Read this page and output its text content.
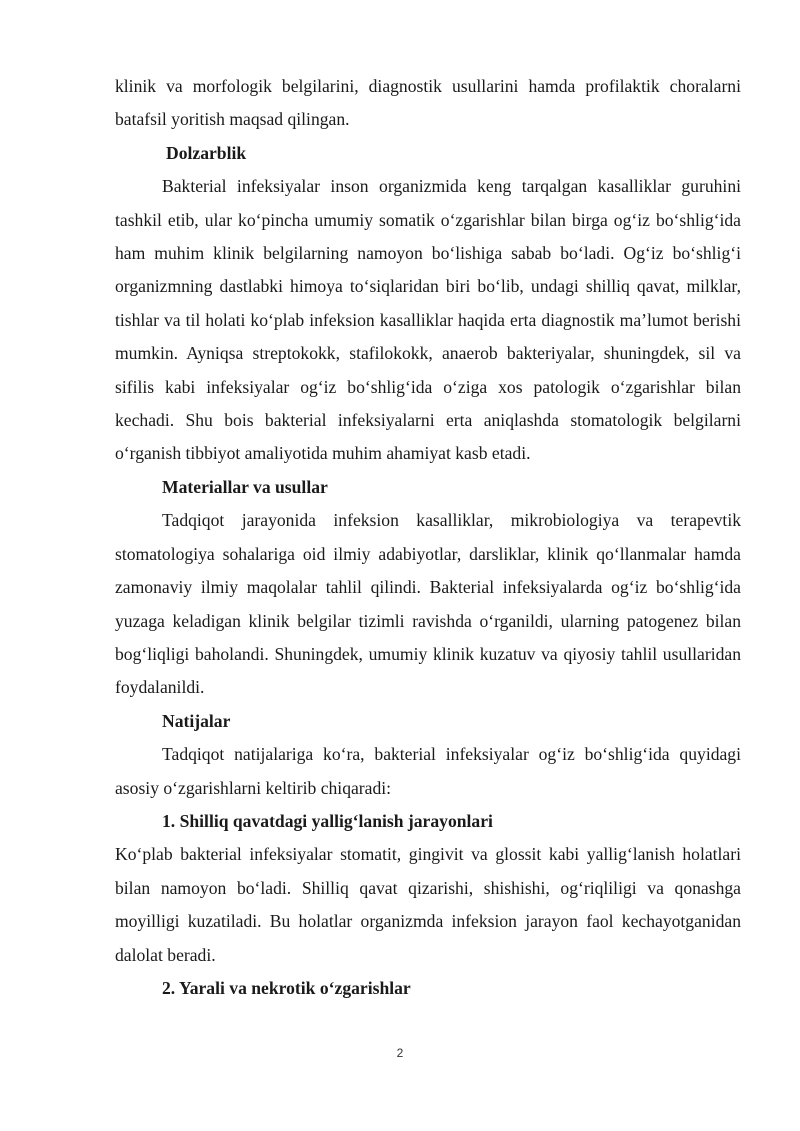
klinik va morfologik belgilarini, diagnostik usullarini hamda profilaktik choralarni batafsil yoritish maqsad qilingan.

Dolzarblik

Bakterial infeksiyalar inson organizmida keng tarqalgan kasalliklar guruhini tashkil etib, ular ko‘pincha umumiy somatik o‘zgarishlar bilan birga og‘iz bo‘shlig‘ida ham muhim klinik belgilarning namoyon bo‘lishiga sabab bo‘ladi. Og‘iz bo‘shlig‘i organizmning dastlabki himoya to‘siqlaridan biri bo‘lib, undagi shilliq qavat, milklar, tishlar va til holati ko‘plab infeksion kasalliklar haqida erta diagnostik ma’lumot berishi mumkin. Ayniqsa streptokokk, stafilokokk, anaerob bakteriyalar, shuningdek, sil va sifilis kabi infeksiyalar og‘iz bo‘shlig‘ida o‘ziga xos patologik o‘zgarishlar bilan kechadi. Shu bois bakterial infeksiyalarni erta aniqlashda stomatologik belgilarni o‘rganish tibbiyot amaliyotida muhim ahamiyat kasb etadi.

Materiallar va usullar

Tadqiqot jarayonida infeksion kasalliklar, mikrobiologiya va terapevtik stomatologiya sohalariga oid ilmiy adabiyotlar, darsliklar, klinik qo‘llanmalar hamda zamonaviy ilmiy maqolalar tahlil qilindi. Bakterial infeksiyalarda og‘iz bo‘shlig‘ida yuzaga keladigan klinik belgilar tizimli ravishda o‘rganildi, ularning patogenez bilan bog‘liqligi baholandi. Shuningdek, umumiy klinik kuzatuv va qiyosiy tahlil usullaridan foydalanildi.

Natijalar

Tadqiqot natijalariga ko‘ra, bakterial infeksiyalar og‘iz bo‘shlig‘ida quyidagi asosiy o‘zgarishlarni keltirib chiqaradi:

1. Shilliq qavatdagi yallig‘lanish jarayonlari

Ko‘plab bakterial infeksiyalar stomatit, gingivit va glossit kabi yallig‘lanish holatlari bilan namoyon bo‘ladi. Shilliq qavat qizarishi, shishishi, og‘riqliligi va qonashga moyilligi kuzatiladi. Bu holatlar organizmda infeksion jarayon faol kechayotganidan dalolat beradi.

2. Yarali va nekrotik o‘zgarishlar

2
